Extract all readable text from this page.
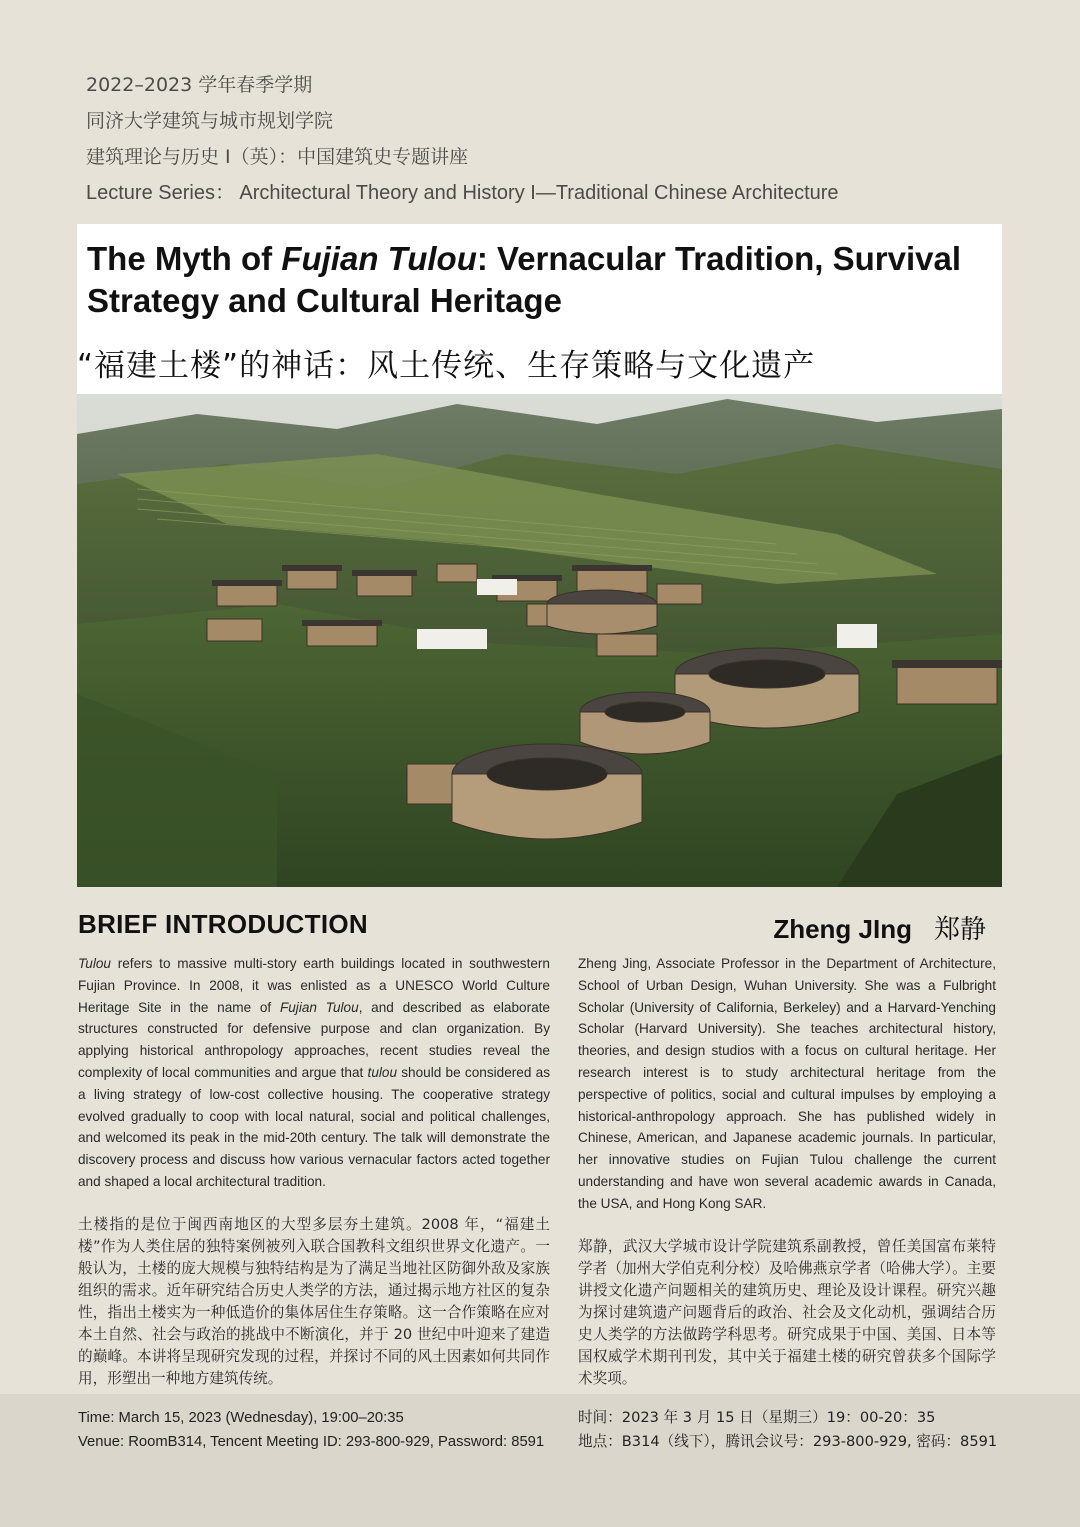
2022–2023 学年春季学期
同济大学建筑与城市规划学院
建筑理论与历史 I（英）：中国建筑史专题讲座
Lecture Series： Architectural Theory and History I—Traditional Chinese Architecture
The Myth of Fujian Tulou: Vernacular Tradition, Survival Strategy and Cultural Heritage
“福建土楼”的神话：风土传统、生存策略与文化遗产
BRIEF INTRODUCTION	Zheng JIng 郑静

Tulou refers to massive multi-story earth buildings located in southwestern Fujian Province. In 2008, it was enlisted as a UNESCO World Culture Heritage Site in the name of Fujian Tulou, and described as elaborate structures constructed for defensive purpose and clan organization. By applying historical anthropology approaches, recent studies reveal the complexity of local communities and argue that tulou should be considered as a living strategy of low-cost collective housing. The cooperative strategy evolved gradually to coop with local natural, social and political challenges, and welcomed its peak in the mid-20th century. The talk will demonstrate the discovery process and discuss how various vernacular factors acted together and shaped a local architectural tradition.

土楼指的是位于闽西南地区的大型多层夯土建筑。2008 年，“福建土楼”作为人类住居的独特案例被列入联合国教科文组织世界文化遗产。一般认为，土楼的庞大规模与独特结构是为了满足当地社区防御外敌及家族组织的需求。近年研究结合历史人类学的方法，通过揭示地方社区的复杂性，指出土楼实为一种低造价的集体居住生存策略。这一合作策略在应对本土自然、社会与政治的挑战中不断演化，并于 20 世纪中叶迎来了建造的巅峰。本讲将呈现研究发现的过程，并探讨不同的风土因素如何共同作用，形塑出一种地方建筑传统。

Zheng Jing, Associate Professor in the Department of Architecture, School of Urban Design, Wuhan University. She was a Fulbright Scholar (University of California, Berkeley) and a Harvard-Yenching Scholar (Harvard University). She teaches architectural history, theories, and design studios with a focus on cultural heritage. Her research interest is to study architectural heritage from the perspective of politics, social and cultural impulses by employing a historical-anthropology approach. She has published widely in Chinese, American, and Japanese academic journals. In particular, her innovative studies on Fujian Tulou challenge the current understanding and have won several academic awards in Canada, the USA, and Hong Kong SAR.

郑静，武汉大学城市设计学院建筑系副教授，曾任美国富布莱特学者（加州大学伯克利分校）及哈佛燕京学者（哈佛大学）。主要讲授文化遗产问题相关的建筑历史、理论及设计课程。研究兴趣为探讨建筑遗产问题背后的政治、社会及文化动机，强调结合历史人类学的方法做跨学科思考。研究成果于中国、美国、日本等国权威学术期刊刊发，其中关于福建土楼的研究曾获多个国际学术奖项。

Time: March 15, 2023 (Wednesday), 19:00–20:35
Venue: RoomB314, Tencent Meeting ID: 293-800-929, Password: 8591
时间：2023 年 3 月 15 日（星期三）19：00-20：35
地点：B314（线下），腾讯会议号：293-800-929, 密码：8591
